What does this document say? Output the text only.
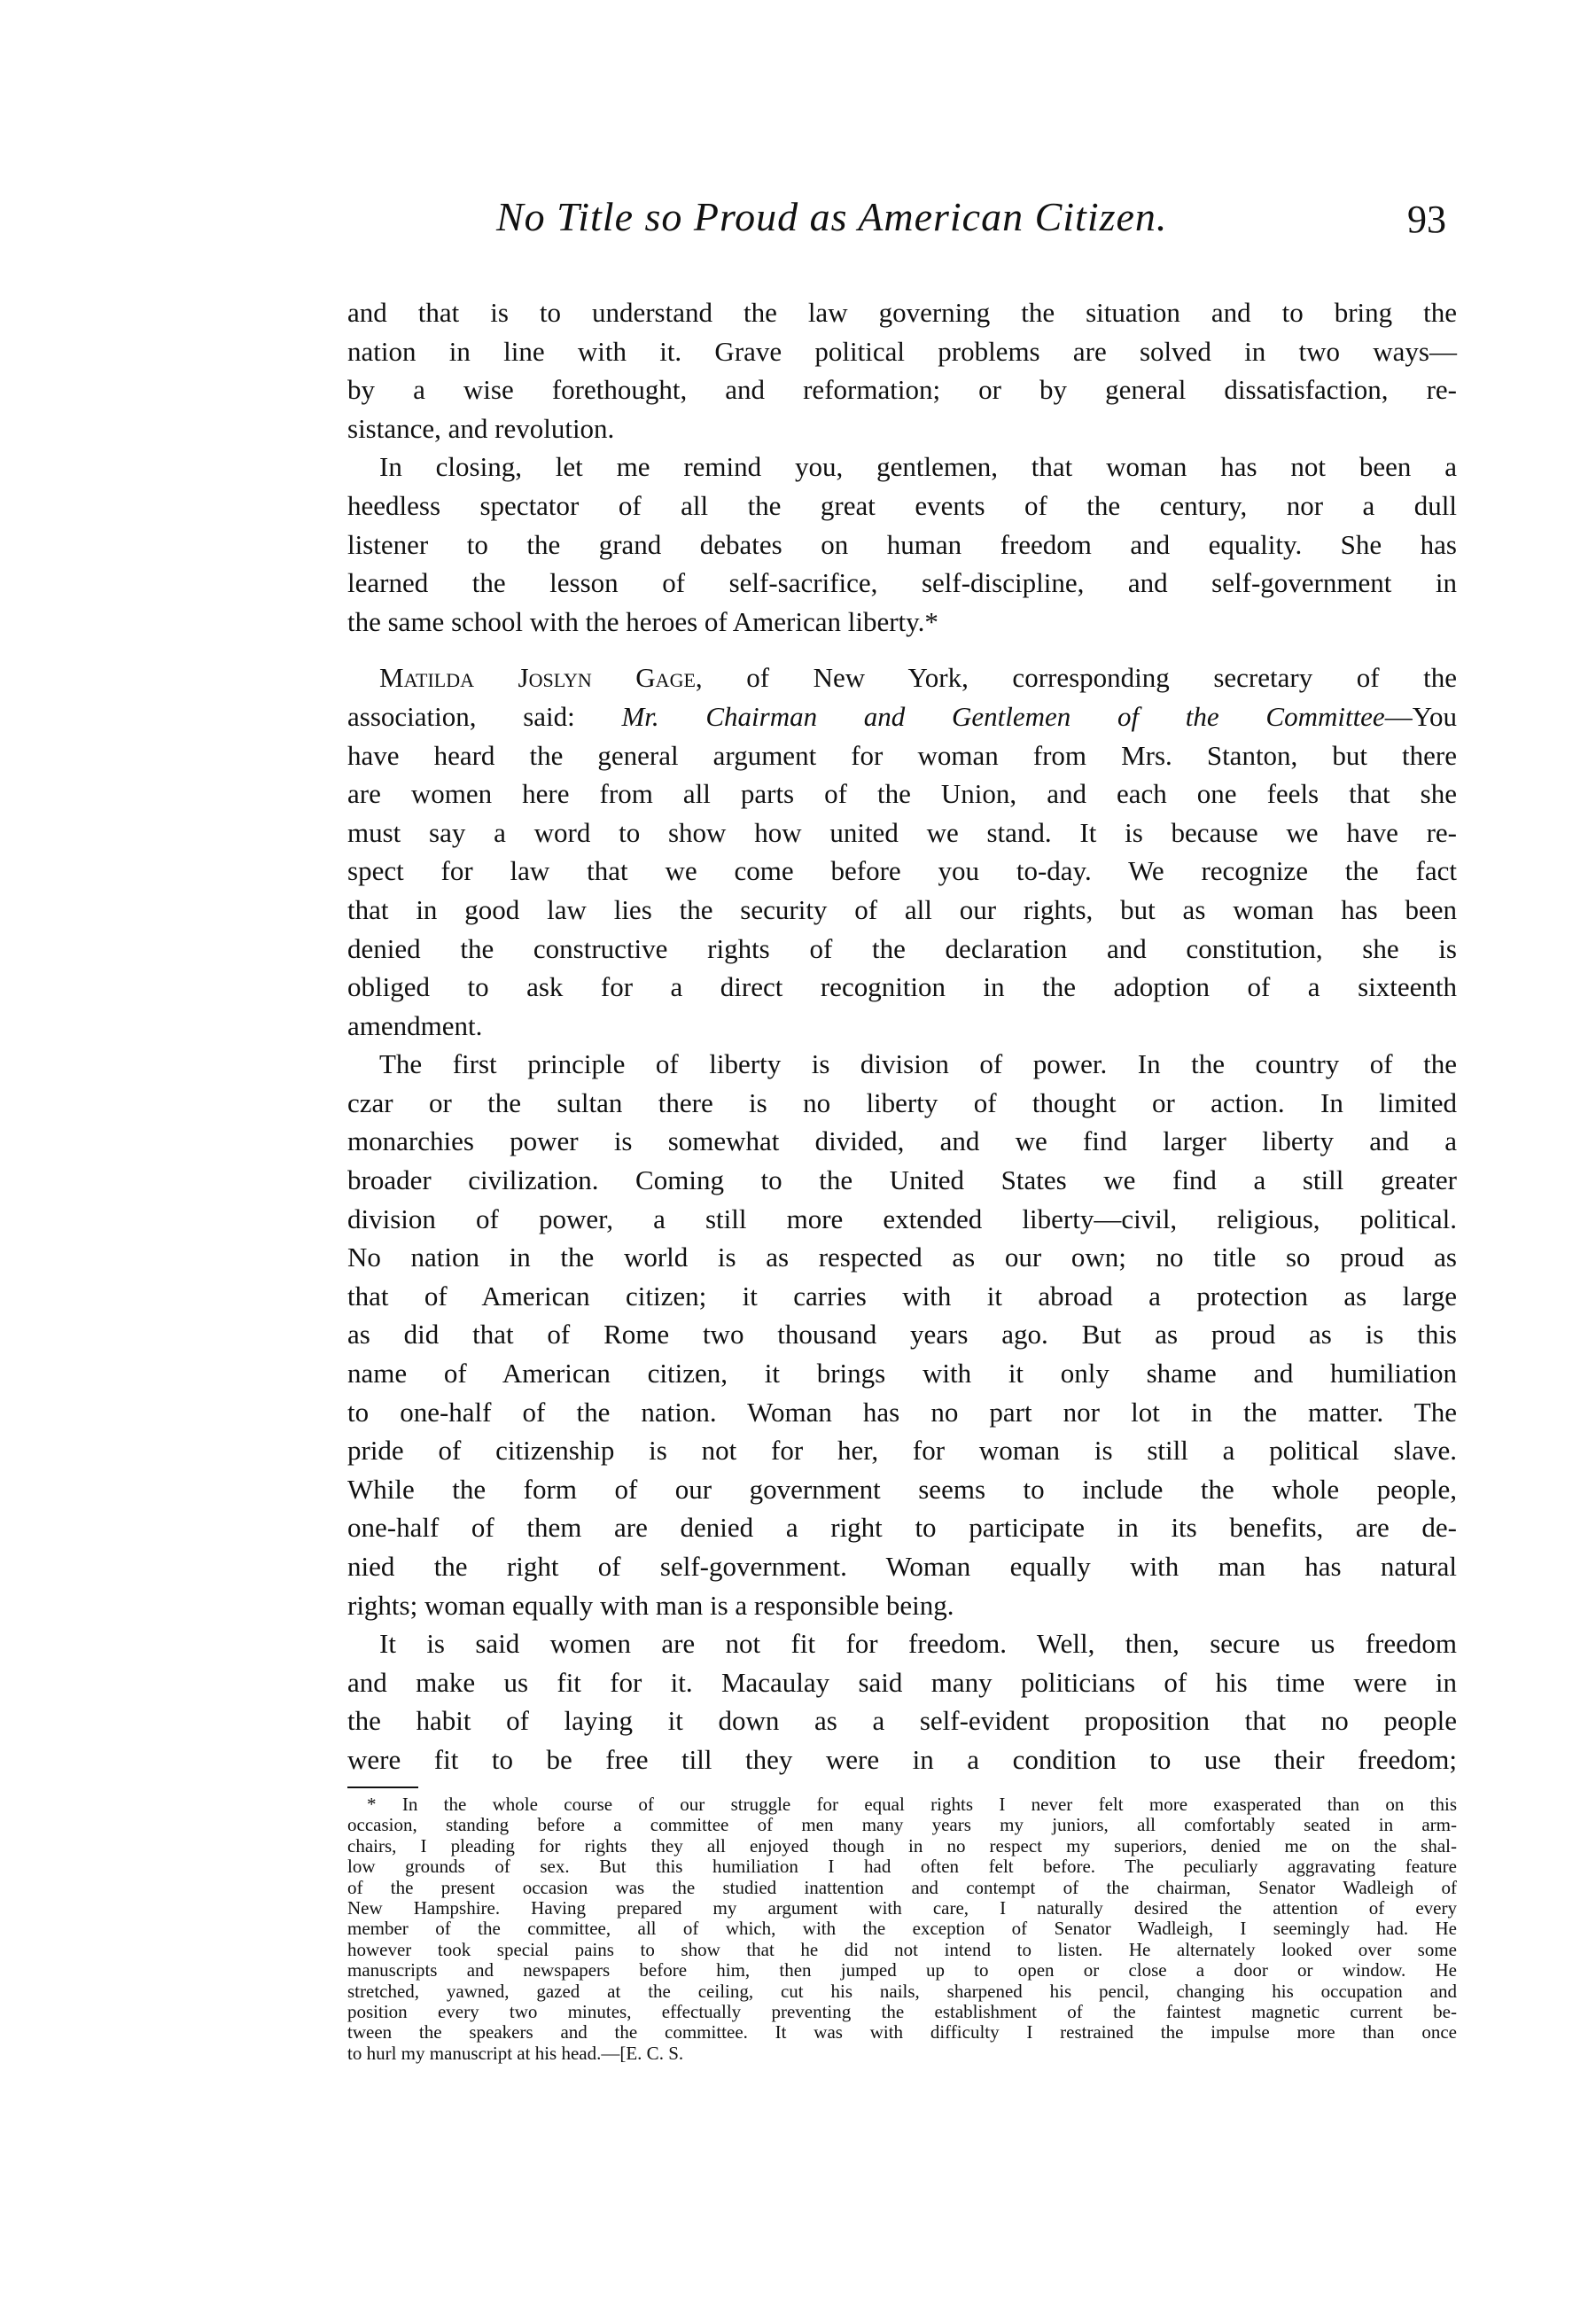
No Title so Proud as American Citizen.	93
and that is to understand the law governing the situation and to bring the
nation in line with it. Grave political problems are solved in two ways—
by a wise forethought, and reformation; or by general dissatisfaction, re-
sistance, and revolution.
In closing, let me remind you, gentlemen, that woman has not been a
heedless spectator of all the great events of the century, nor a dull
listener to the grand debates on human freedom and equality. She has
learned the lesson of self-sacrifice, self-discipline, and self-government in
the same school with the heroes of American liberty.*
Matilda Joslyn Gage, of New York, corresponding secretary of the
association, said: Mr. Chairman and Gentlemen of the Committee—You
have heard the general argument for woman from Mrs. Stanton, but there
are women here from all parts of the Union, and each one feels that she
must say a word to show how united we stand. It is because we have re-
spect for law that we come before you to-day. We recognize the fact
that in good law lies the security of all our rights, but as woman has been
denied the constructive rights of the declaration and constitution, she is
obliged to ask for a direct recognition in the adoption of a sixteenth
amendment.
The first principle of liberty is division of power. In the country of the
czar or the sultan there is no liberty of thought or action. In limited
monarchies power is somewhat divided, and we find larger liberty and a
broader civilization. Coming to the United States we find a still greater
division of power, a still more extended liberty—civil, religious, political.
No nation in the world is as respected as our own; no title so proud as
that of American citizen; it carries with it abroad a protection as large
as did that of Rome two thousand years ago. But as proud as is this
name of American citizen, it brings with it only shame and humiliation
to one-half of the nation. Woman has no part nor lot in the matter. The
pride of citizenship is not for her, for woman is still a political slave.
While the form of our government seems to include the whole people,
one-half of them are denied a right to participate in its benefits, are de-
nied the right of self-government. Woman equally with man has natural
rights; woman equally with man is a responsible being.
It is said women are not fit for freedom. Well, then, secure us freedom
and make us fit for it. Macaulay said many politicians of his time were in
the habit of laying it down as a self-evident proposition that no people
were fit to be free till they were in a condition to use their freedom;
* In the whole course of our struggle for equal rights I never felt more exasperated than on this
occasion, standing before a committee of men many years my juniors, all comfortably seated in arm-
chairs, I pleading for rights they all enjoyed though in no respect my superiors, denied me on the shal-
low grounds of sex. But this humiliation I had often felt before. The peculiarly aggravating feature
of the present occasion was the studied inattention and contempt of the chairman, Senator Wadleigh of
New Hampshire. Having prepared my argument with care, I naturally desired the attention of every
member of the committee, all of which, with the exception of Senator Wadleigh, I seemingly had. He
however took special pains to show that he did not intend to listen. He alternately looked over some
manuscripts and newspapers before him, then jumped up to open or close a door or window. He
stretched, yawned, gazed at the ceiling, cut his nails, sharpened his pencil, changing his occupation and
position every two minutes, effectually preventing the establishment of the faintest magnetic current be-
tween the speakers and the committee. It was with difficulty I restrained the impulse more than once
to hurl my manuscript at his head.—[E. C. S.
